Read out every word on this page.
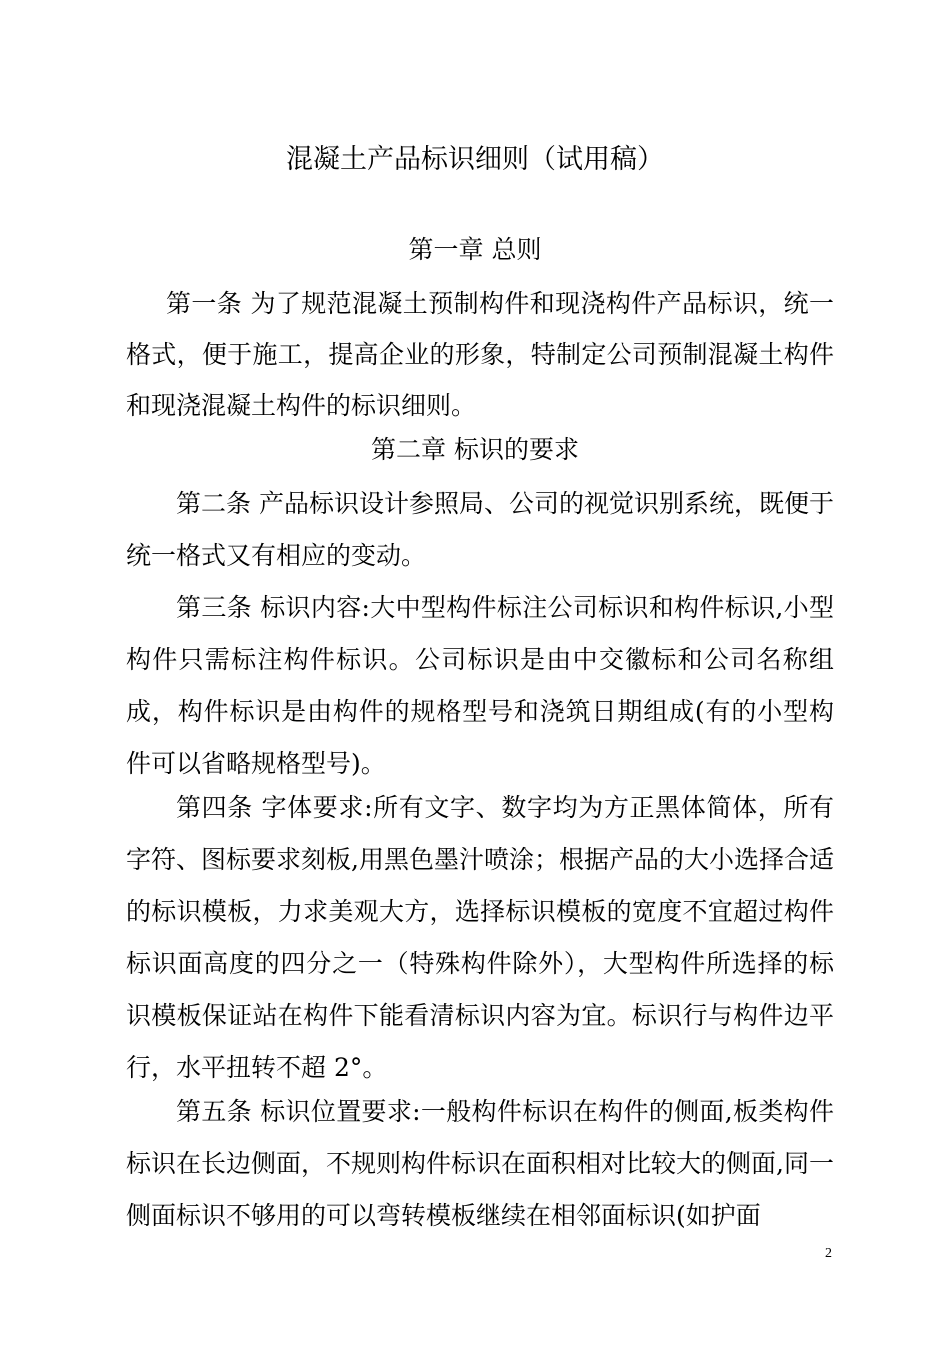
混凝土产品标识细则（试用稿）
第一章 总则
第一条 为了规范混凝土预制构件和现浇构件产品标识，统一格式，便于施工，提高企业的形象，特制定公司预制混凝土构件和现浇混凝土构件的标识细则。
第二章 标识的要求
第二条 产品标识设计参照局、公司的视觉识别系统，既便于统一格式又有相应的变动。
第三条 标识内容:大中型构件标注公司标识和构件标识,小型构件只需标注构件标识。公司标识是由中交徽标和公司名称组成，构件标识是由构件的规格型号和浇筑日期组成(有的小型构件可以省略规格型号)。
第四条 字体要求:所有文字、数字均为方正黑体简体，所有字符、图标要求刻板,用黑色墨汁喷涂；根据产品的大小选择合适的标识模板，力求美观大方，选择标识模板的宽度不宜超过构件标识面高度的四分之一（特殊构件除外），大型构件所选择的标识模板保证站在构件下能看清标识内容为宜。标识行与构件边平行，水平扭转不超 2°。
第五条 标识位置要求:一般构件标识在构件的侧面,板类构件标识在长边侧面，不规则构件标识在面积相对比较大的侧面,同一侧面标识不够用的可以弯转模板继续在相邻面标识(如护面
2
